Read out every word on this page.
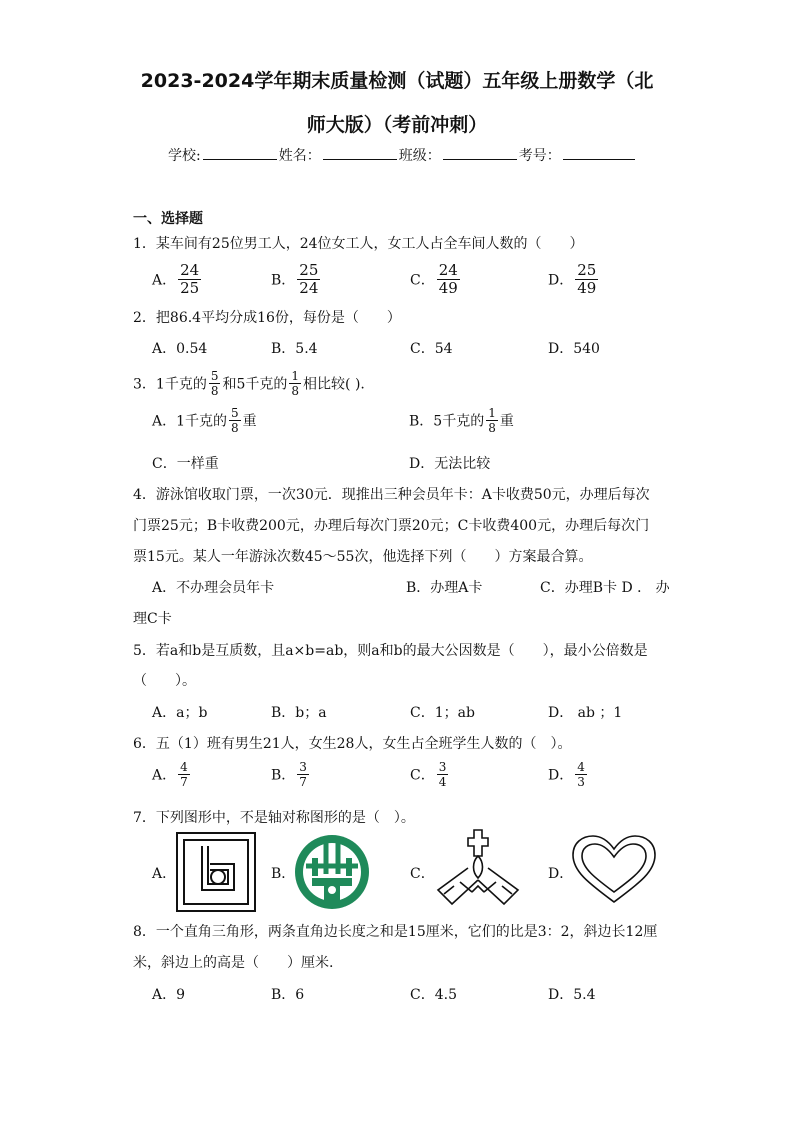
2023-2024学年期末质量检测（试题）五年级上册数学（北
师大版）（考前冲刺）
学校:	姓名：	班级：	考号：
一、选择题
1．某车间有25位男工人，24位女工人，女工人占全车间人数的（　　）
A． $\frac{24}{25}$	B． $\frac{25}{24}$	C． $\frac{24}{49}$	D． $\frac{25}{49}$
2．把86.4平均分成16份，每份是（　　）
A．0.54	B．5.4	C．54	D．540
3．1千克的 $\frac{5}{8}$ 和5千克的 $\frac{1}{8}$ 相比较( ).
A．1千克的 $\frac{5}{8}$ 重	B．5千克的 $\frac{1}{8}$ 重
C．一样重	D．无法比较
4．游泳馆收取门票，一次30元．现推出三种会员年卡：A卡收费50元，办理后每次
门票25元；B卡收费200元，办理后每次门票20元；C卡收费400元，办理后每次门
票15元。某人一年游泳次数45～55次，他选择下列（　　）方案最合算。
A．不办理会员年卡	B．办理A卡	C．办理B卡 D ． 办
理C卡
5．若a和b是互质数，且a×b=ab，则a和b的最大公因数是（　　），最小公倍数是
（　　）。
A．a；b	B．b；a	C．1；ab	D． ab ；1
6．五（1）班有男生21人，女生28人，女生占全班学生人数的（　）。
A． $\frac{4}{7}$	B． $\frac{3}{7}$	C． $\frac{3}{4}$	D． $\frac{4}{3}$
7．下列图形中，不是轴对称图形的是（　）。
A．	B．	C．	D．
8．一个直角三角形，两条直角边长度之和是15厘米，它们的比是3：2，斜边长12厘
米，斜边上的高是（　　）厘米.
A．9	B．6	C．4.5	D．5.4
